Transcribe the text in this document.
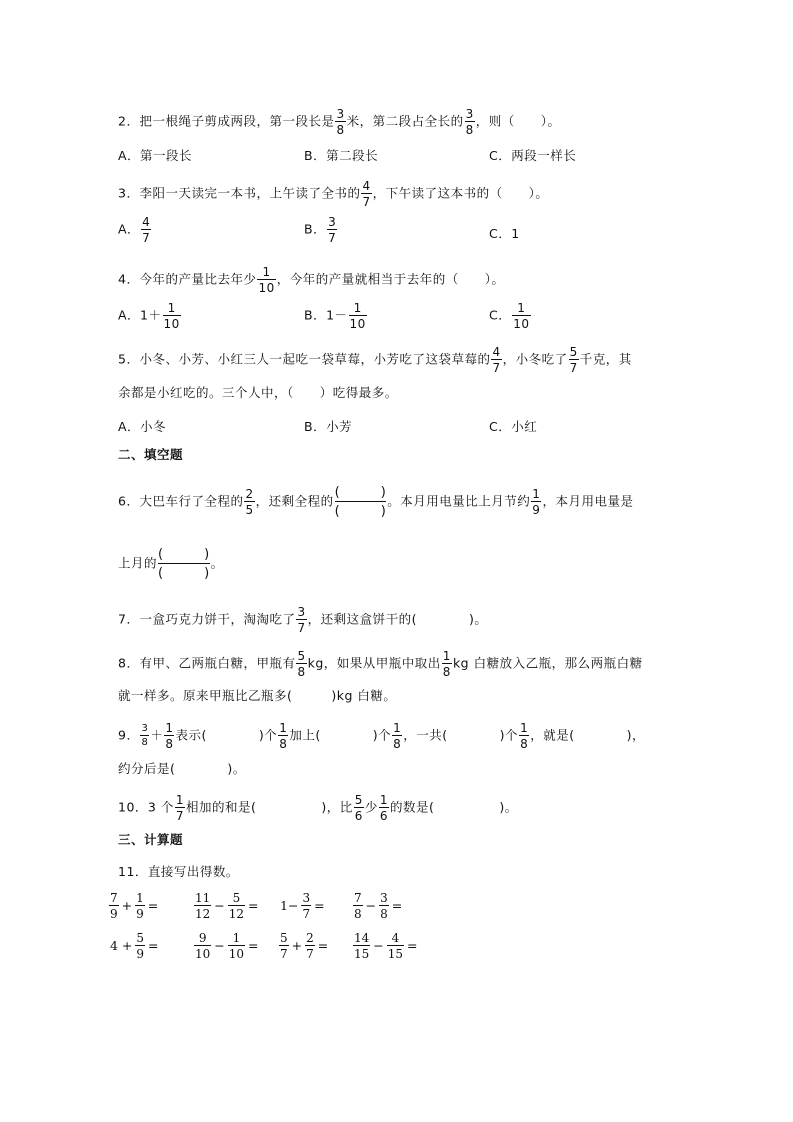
2．把一根绳子剪成两段，第一段长是 $\frac{3}{8}$ 米，第二段占全长的 $\frac{3}{8}$ ，则（　　）。
A．第一段长	B．第二段长	C．两段一样长
3．李阳一天读完一本书，上午读了全书的 $\frac{4}{7}$ ，下午读了这本书的（　　）。
A． $\frac{4}{7}$	B． $\frac{3}{7}$	C．1
4．今年的产量比去年少 $\frac{1}{10}$ ，今年的产量就相当于去年的（　　）。
A．$1+ \frac{1}{10}$	B．$1- \frac{1}{10}$	C． $\frac{1}{10}$
5．小冬、小芳、小红三人一起吃一袋草莓，小芳吃了这袋草莓的 $\frac{4}{7}$ ，小冬吃了 $\frac{5}{7}$ 千克，其
余都是小红吃的。三个人中，（　　）吃得最多。
A．小冬	B．小芳	C．小红
二、填空题
6．大巴车行了全程的 $\frac{2}{5}$ ，还剩全程的 $\frac{( )}{( )}$ 。本月用电量比上月节约 $\frac{1}{9}$ ，本月用电量是
上月的 $\frac{( )}{( )}$ 。
7．一盒巧克力饼干，淘淘吃了 $\frac{3}{7}$ ，还剩这盒饼干的(　　　　)。
8．有甲、乙两瓶白糖，甲瓶有 $\frac{5}{8}$ kg，如果从甲瓶中取出 $\frac{1}{8}$ kg 白糖放入乙瓶，那么两瓶白糖
就一样多。原来甲瓶比乙瓶多(　　　)kg 白糖。
9． $\frac{3}{8} + \frac{1}{8}$ 表示(　　　　)个 $\frac{1}{8}$ 加上(　　　　)个 $\frac{1}{8}$ ，一共(　　　　)个 $\frac{1}{8}$ ，就是(　　　　)，
约分后是(　　　　)。
10．3 个 $\frac{1}{7}$ 相加的和是(　　　　　)，比 $\frac{5}{6}$ 少 $\frac{1}{6}$ 的数是(　　　　　)。
三、计算题
11．直接写出得数。
$\frac{7}{9} + \frac{1}{9}$ =	$\frac{11}{12} - \frac{5}{12} = 1- \frac{3}{7} = \frac{7}{8} - \frac{3}{8}$ =
$4 + \frac{5}{9}$ =	$\frac{9}{10} - \frac{1}{10} = \frac{5}{7} + \frac{2}{7} = \frac{14}{15} - \frac{4}{15}$ =
